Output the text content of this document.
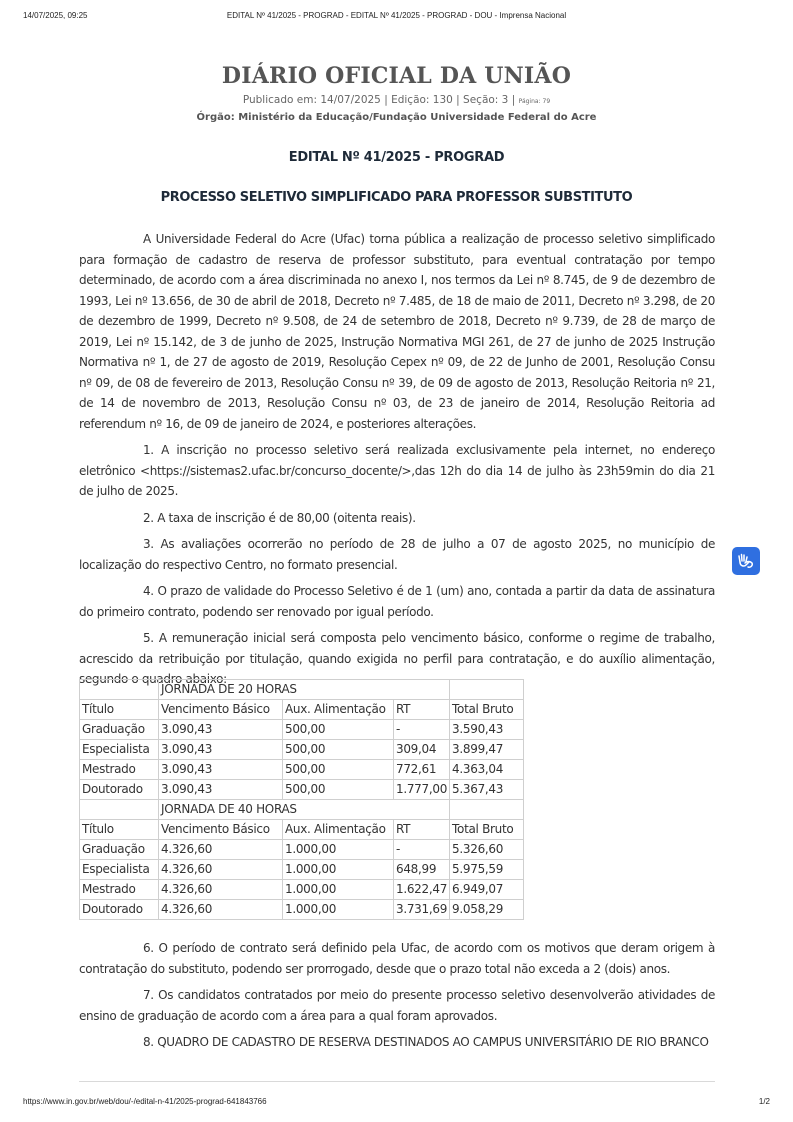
14/07/2025, 09:25	EDITAL Nº 41/2025 - PROGRAD - EDITAL Nº 41/2025 - PROGRAD - DOU - Imprensa Nacional
DIÁRIO OFICIAL DA UNIÃO
Publicado em: 14/07/2025 | Edição: 130 | Seção: 3 | Página: 79
Órgão: Ministério da Educação/Fundação Universidade Federal do Acre
EDITAL Nº 41/2025 - PROGRAD
PROCESSO SELETIVO SIMPLIFICADO PARA PROFESSOR SUBSTITUTO

A Universidade Federal do Acre (Ufac) torna pública a realização de processo seletivo simplificado para formação de cadastro de reserva de professor substituto, para eventual contratação por tempo determinado, de acordo com a área discriminada no anexo I, nos termos da Lei nº 8.745, de 9 de dezembro de 1993, Lei nº 13.656, de 30 de abril de 2018, Decreto nº 7.485, de 18 de maio de 2011, Decreto nº 3.298, de 20 de dezembro de 1999, Decreto nº 9.508, de 24 de setembro de 2018, Decreto nº 9.739, de 28 de março de 2019, Lei nº 15.142, de 3 de junho de 2025, Instrução Normativa MGI 261, de 27 de junho de 2025 Instrução Normativa nº 1, de 27 de agosto de 2019, Resolução Cepex nº 09, de 22 de Junho de 2001, Resolução Consu nº 09, de 08 de fevereiro de 2013, Resolução Consu nº 39, de 09 de agosto de 2013, Resolução Reitoria nº 21, de 14 de novembro de 2013, Resolução Consu nº 03, de 23 de janeiro de 2014, Resolução Reitoria ad referendum nº 16, de 09 de janeiro de 2024, e posteriores alterações.

1. A inscrição no processo seletivo será realizada exclusivamente pela internet, no endereço eletrônico <https://sistemas2.ufac.br/concurso_docente/>,das 12h do dia 14 de julho às 23h59min do dia 21 de julho de 2025.

2. A taxa de inscrição é de 80,00 (oitenta reais).

3. As avaliações ocorrerão no período de 28 de julho a 07 de agosto 2025, no município de localização do respectivo Centro, no formato presencial.

4. O prazo de validade do Processo Seletivo é de 1 (um) ano, contada a partir da data de assinatura do primeiro contrato, podendo ser renovado por igual período.

5. A remuneração inicial será composta pelo vencimento básico, conforme o regime de trabalho, acrescido da retribuição por titulação, quando exigida no perfil para contratação, e do auxílio alimentação, segundo o quadro abaixo:

	JORNADA DE 20 HORAS			
Título	Vencimento Básico	Aux. Alimentação	RT	Total Bruto
Graduação	3.090,43	500,00	-	3.590,43
Especialista	3.090,43	500,00	309,04	3.899,47
Mestrado	3.090,43	500,00	772,61	4.363,04
Doutorado	3.090,43	500,00	1.777,00	5.367,43
	JORNADA DE 40 HORAS			
Título	Vencimento Básico	Aux. Alimentação	RT	Total Bruto
Graduação	4.326,60	1.000,00	-	5.326,60
Especialista	4.326,60	1.000,00	648,99	5.975,59
Mestrado	4.326,60	1.000,00	1.622,47	6.949,07
Doutorado	4.326,60	1.000,00	3.731,69	9.058,29

6. O período de contrato será definido pela Ufac, de acordo com os motivos que deram origem à contratação do substituto, podendo ser prorrogado, desde que o prazo total não exceda a 2 (dois) anos.

7. Os candidatos contratados por meio do presente processo seletivo desenvolverão atividades de ensino de graduação de acordo com a área para a qual foram aprovados.

8. QUADRO DE CADASTRO DE RESERVA DESTINADOS AO CAMPUS UNIVERSITÁRIO DE RIO BRANCO

https://www.in.gov.br/web/dou/-/edital-n-41/2025-prograd-641843766	1/2
